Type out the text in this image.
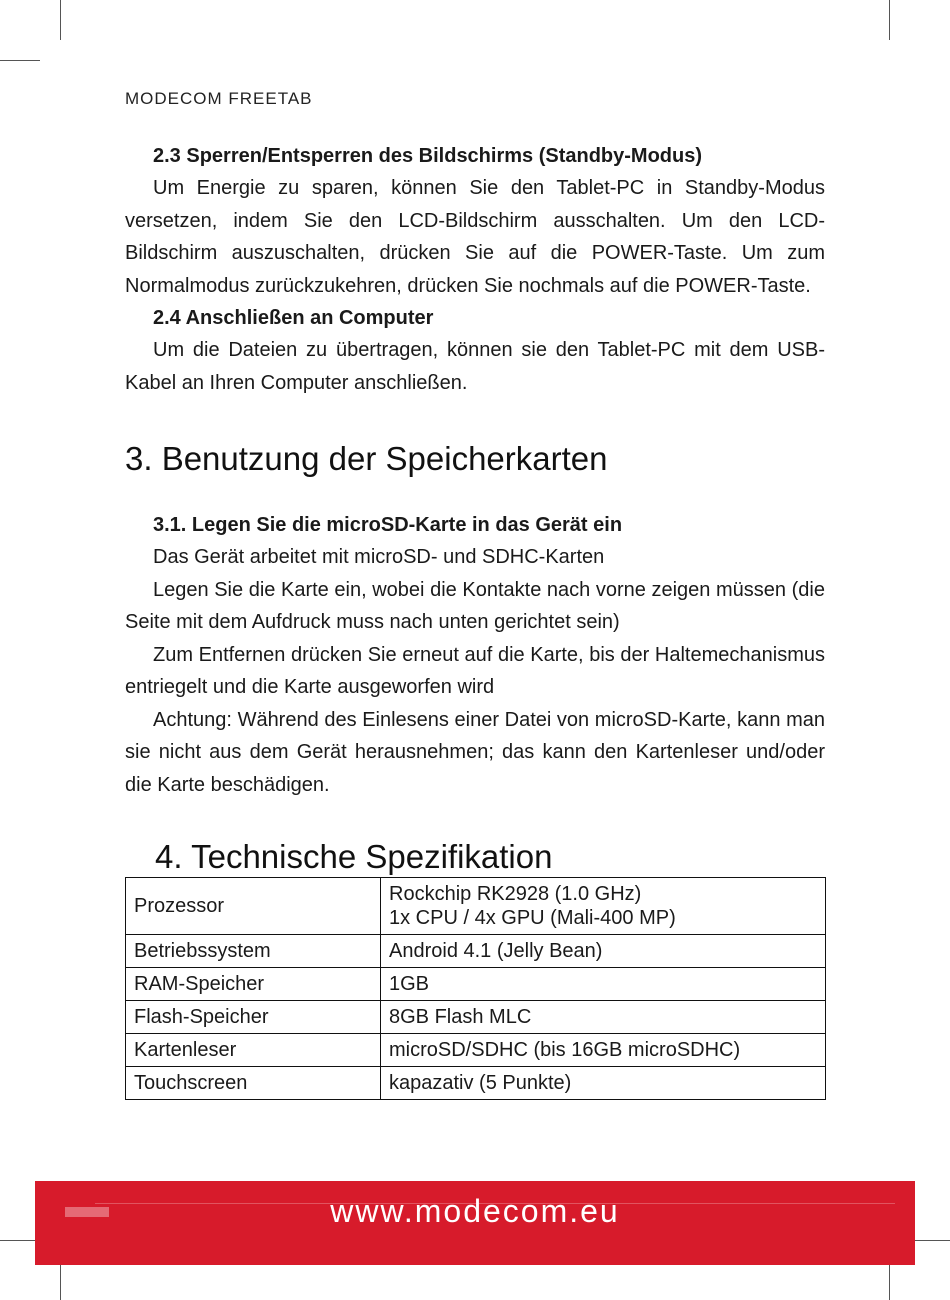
MODECOM FREETAB

2.3 Sperren/Entsperren des Bildschirms (Standby-Modus)

Um Energie zu sparen, können Sie den Tablet-PC in Standby-Modus versetzen, indem Sie den LCD-Bildschirm ausschalten. Um den LCD-Bildschirm auszuschalten, drücken Sie auf die POWER-Taste. Um zum Normalmodus zurückzukehren, drücken Sie nochmals auf die POWER-Taste.

2.4 Anschließen an Computer

Um die Dateien zu übertragen, können sie den Tablet-PC mit dem USB-Kabel an Ihren Computer anschließen.

3. Benutzung der Speicherkarten

3.1. Legen Sie die microSD-Karte in das Gerät ein

Das Gerät arbeitet mit microSD- und SDHC-Karten

Legen Sie die Karte ein, wobei die Kontakte nach vorne zeigen müssen (die Seite mit dem Aufdruck muss nach unten gerichtet sein)

Zum Entfernen drücken Sie erneut auf die Karte, bis der Haltemechanismus entriegelt und die Karte ausgeworfen wird

Achtung: Während des Einlesens einer Datei von microSD-Karte, kann man sie nicht aus dem Gerät herausnehmen; das kann den Kartenleser und/oder die Karte beschädigen.

4. Technische Spezifikation
Prozessor	Rockchip RK2928 (1.0 GHz)
1x CPU / 4x GPU (Mali-400 MP)

Betriebssystem	Android 4.1 (Jelly Bean)

RAM-Speicher	1GB

Flash-Speicher	8GB Flash MLC

Kartenleser	microSD/SDHC (bis 16GB microSDHC)

Touchscreen	kapazativ (5 Punkte)
www.modecom.eu
